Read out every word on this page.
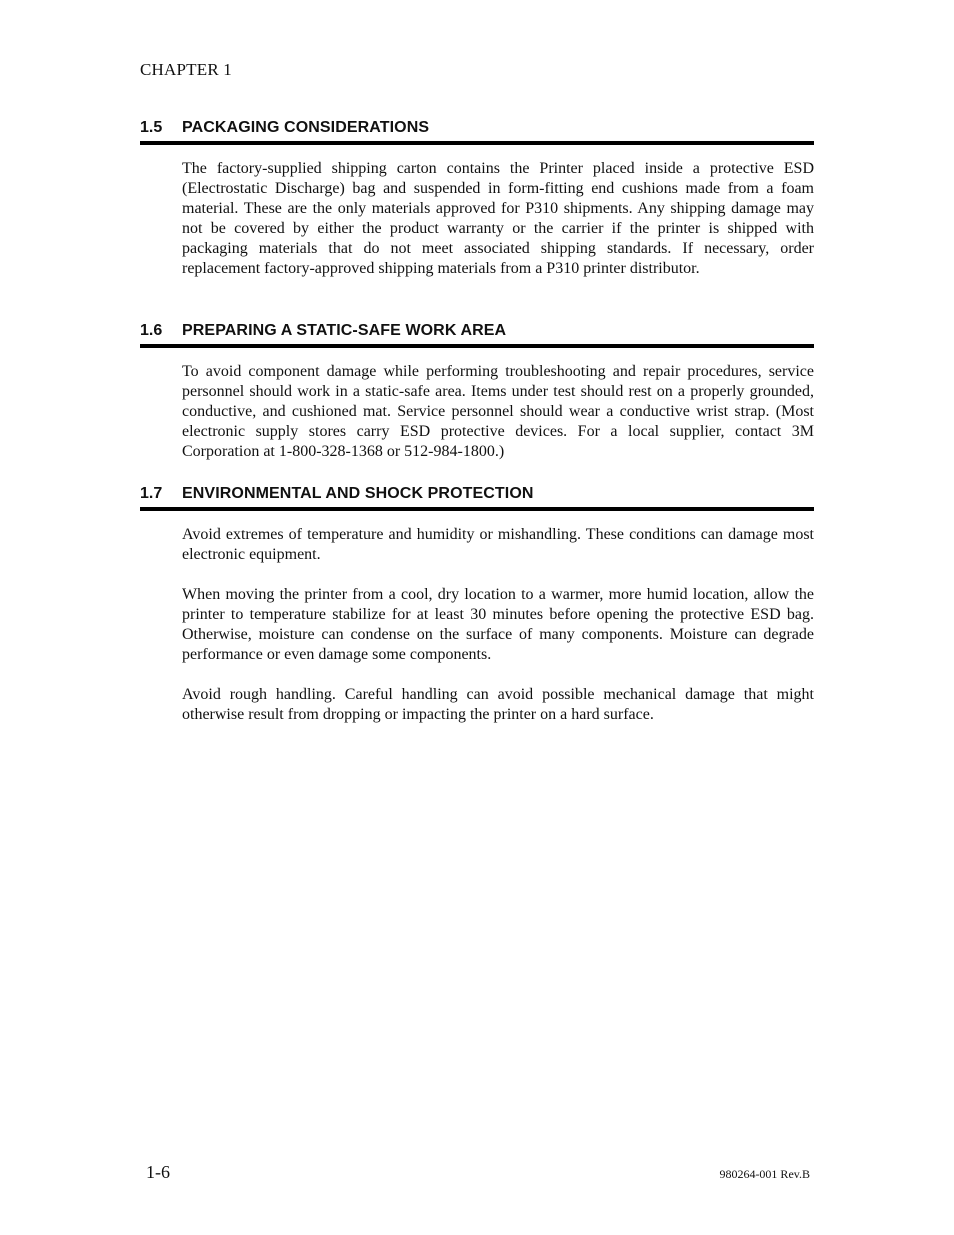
CHAPTER 1
1.5 PACKAGING CONSIDERATIONS

The factory-supplied shipping carton contains the Printer placed inside a protective ESD (Electrostatic Discharge) bag and suspended in form-fitting end cushions made from a foam material. These are the only materials approved for P310 shipments. Any shipping damage may not be covered by either the product warranty or the carrier if the printer is shipped with packaging materials that do not meet associated shipping standards. If necessary, order replacement factory-approved shipping materials from a P310 printer distributor.

1.6 PREPARING A STATIC-SAFE WORK AREA

To avoid component damage while performing troubleshooting and repair procedures, service personnel should work in a static-safe area. Items under test should rest on a properly grounded, conductive, and cushioned mat. Service personnel should wear a conductive wrist strap. (Most electronic supply stores carry ESD protective devices. For a local supplier, contact 3M Corporation at 1-800-328-1368 or 512-984-1800.)

1.7 ENVIRONMENTAL AND SHOCK PROTECTION

Avoid extremes of temperature and humidity or mishandling. These conditions can damage most electronic equipment.

When moving the printer from a cool, dry location to a warmer, more humid location, allow the printer to temperature stabilize for at least 30 minutes before opening the protective ESD bag. Otherwise, moisture can condense on the surface of many components. Moisture can degrade performance or even damage some components.

Avoid rough handling. Careful handling can avoid possible mechanical damage that might otherwise result from dropping or impacting the printer on a hard surface.

1-6	980264-001 Rev.B
